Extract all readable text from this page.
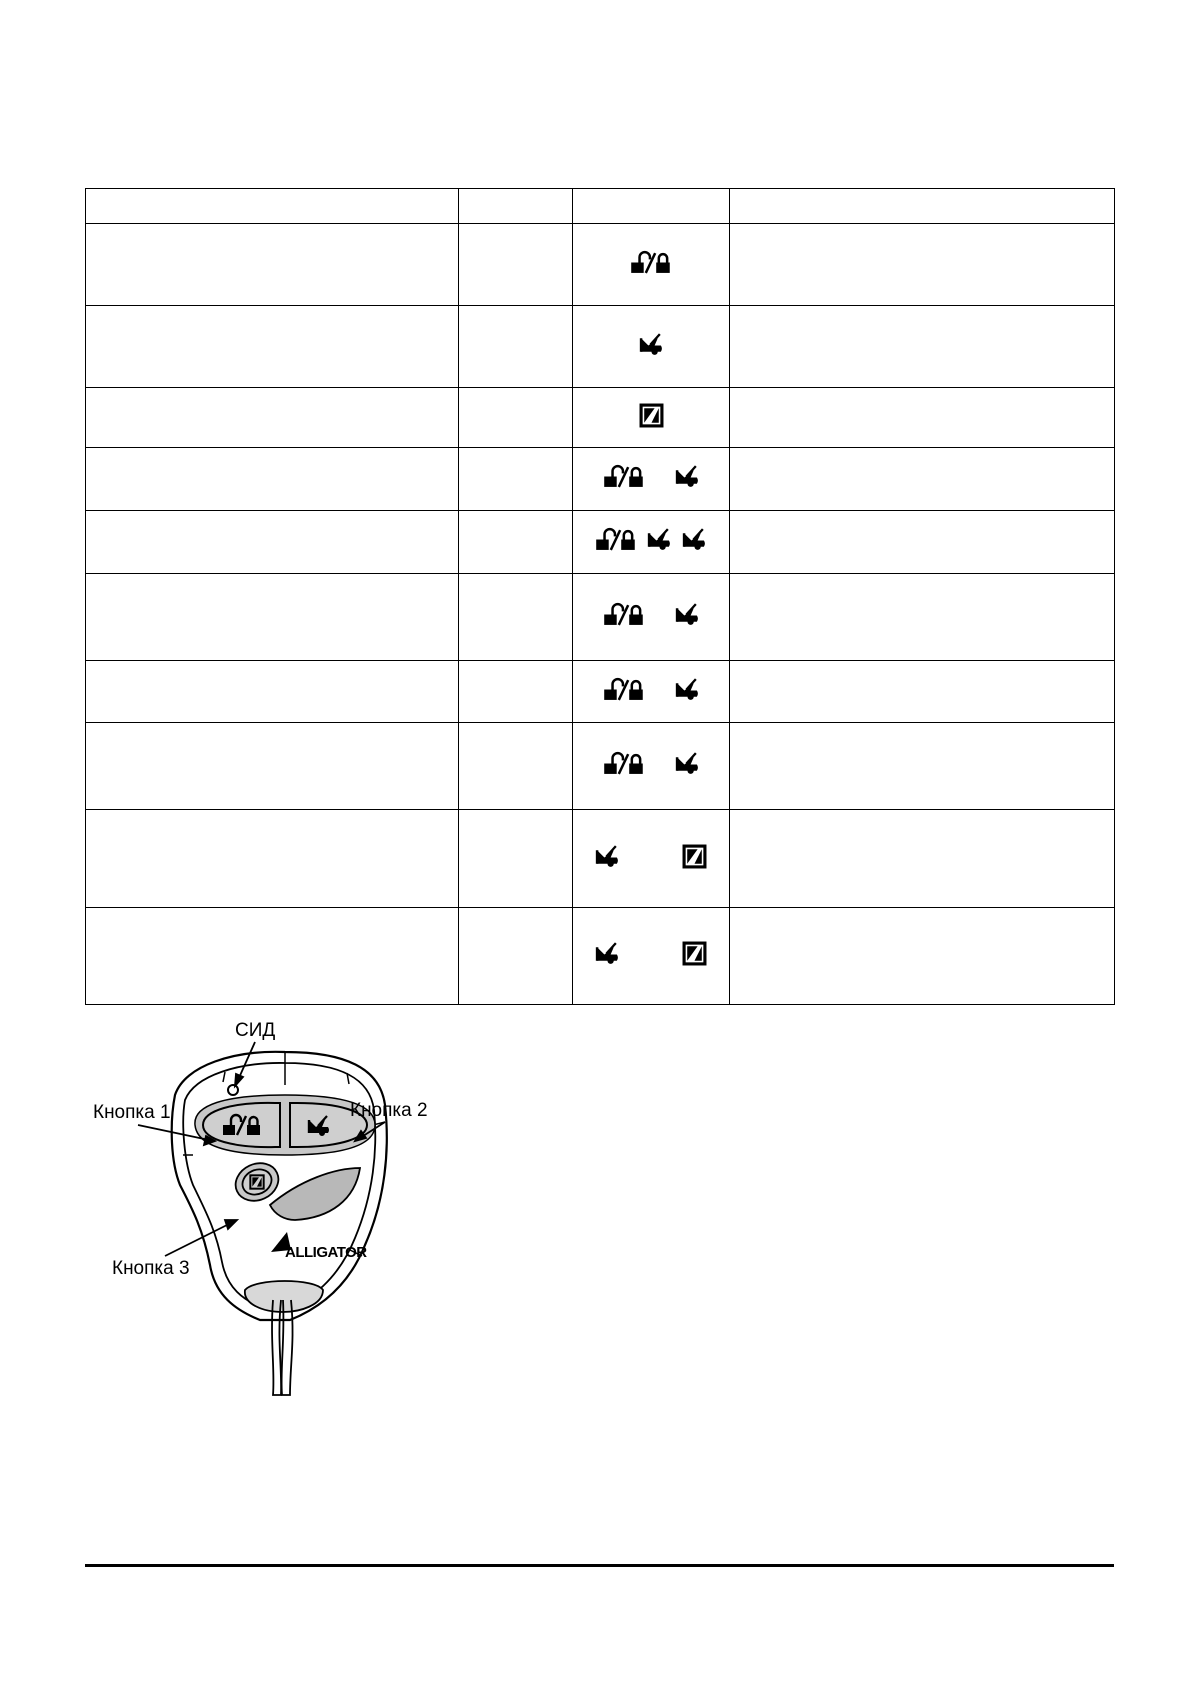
ALLIGATOR
СИД
Кнопка 1	Кнопка 2
Кнопка 3
